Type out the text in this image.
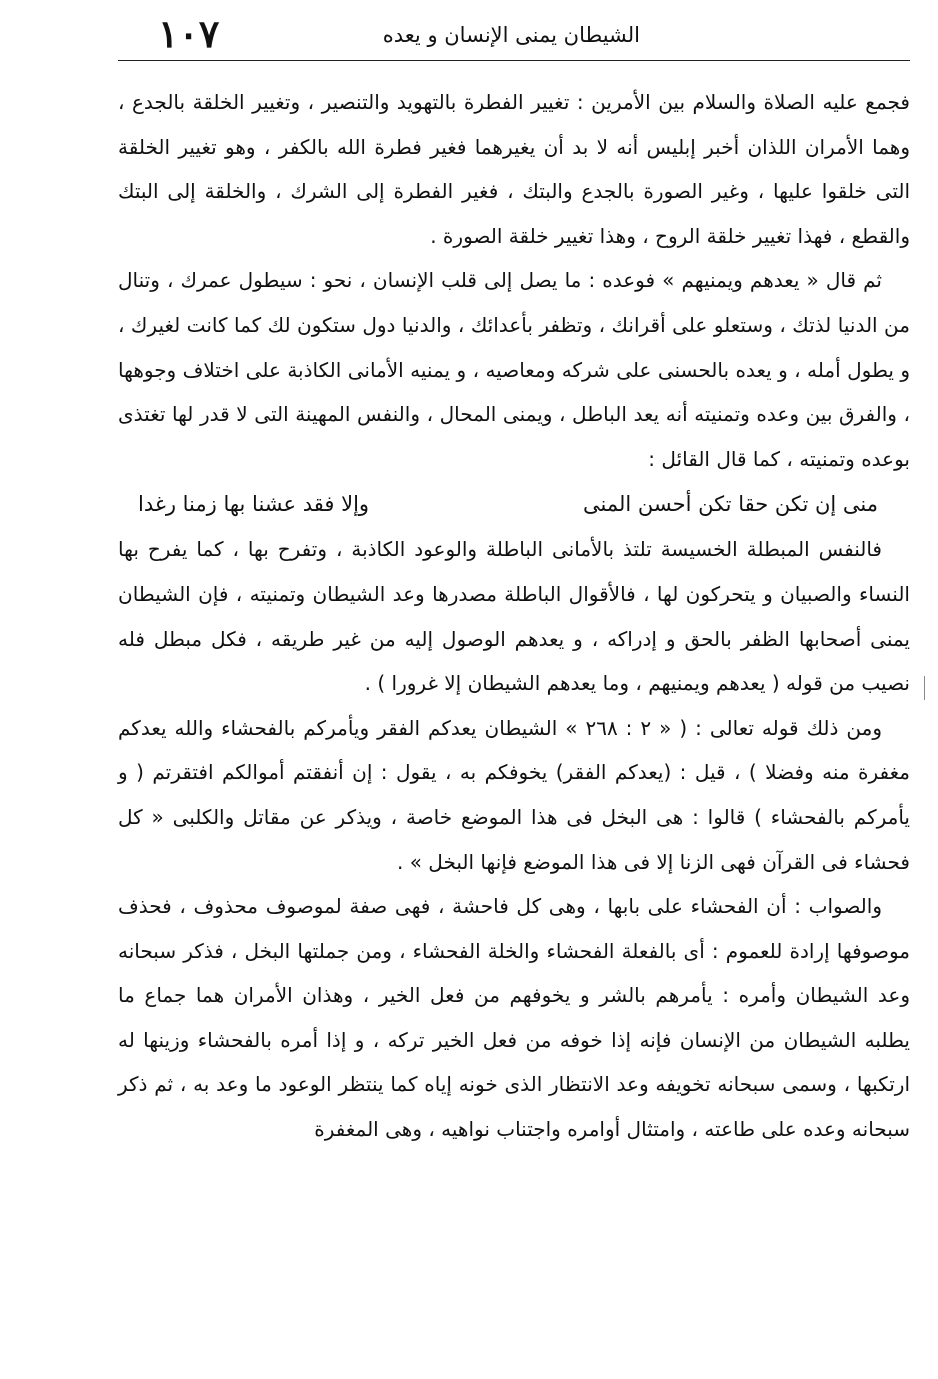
الشيطان يمنى الإنسان و يعده
١٠٧

فجمع عليه الصلاة والسلام بين الأمرين : تغيير الفطرة بالتهويد والتنصير ، وتغيير الخلقة بالجدع ، وهما الأمران اللذان أخبر إبليس أنه لا بد أن يغيرهما فغير فطرة الله بالكفر ، وهو تغيير الخلقة التى خلقوا عليها ، وغير الصورة بالجدع والبتك ، فغير الفطرة إلى الشرك ، والخلقة إلى البتك والقطع ، فهذا تغيير خلقة الروح ، وهذا تغيير خلقة الصورة .

ثم قال « يعدهم ويمنيهم » فوعده : ما يصل إلى قلب الإنسان ، نحو : سيطول عمرك ، وتنال من الدنيا لذتك ، وستعلو على أقرانك ، وتظفر بأعدائك ، والدنيا دول ستكون لك كما كانت لغيرك ، و يطول أمله ، و يعده بالحسنى على شركه ومعاصيه ، و يمنيه الأمانى الكاذبة على اختلاف وجوهها ، والفرق بين وعده وتمنيته أنه يعد الباطل ، ويمنى المحال ، والنفس المهينة التى لا قدر لها تغتذى بوعده وتمنيته ، كما قال القائل :

منى إن تكن حقا تكن أحسن المنى
وإلا فقد عشنا بها زمنا رغدا

فالنفس المبطلة الخسيسة تلتذ بالأمانى الباطلة والوعود الكاذبة ، وتفرح بها ، كما يفرح بها النساء والصبيان و يتحركون لها ، فالأقوال الباطلة مصدرها وعد الشيطان وتمنيته ، فإن الشيطان يمنى أصحابها الظفر بالحق و إدراكه ، و يعدهم الوصول إليه من غير طريقه ، فكل مبطل فله نصيب من قوله ( يعدهم ويمنيهم ، وما يعدهم الشيطان إلا غرورا ) .

ومن ذلك قوله تعالى : ( « ٢ : ٢٦٨ » الشيطان يعدكم الفقر ويأمركم بالفحشاء والله يعدكم مغفرة منه وفضلا ) ، قيل : (يعدكم الفقر) يخوفكم به ، يقول : إن أنفقتم أموالكم افتقرتم ( و يأمركم بالفحشاء ) قالوا : هى البخل فى هذا الموضع خاصة ، ويذكر عن مقاتل والكلبى « كل فحشاء فى القرآن فهى الزنا إلا فى هذا الموضع فإنها البخل » .

والصواب : أن الفحشاء على بابها ، وهى كل فاحشة ، فهى صفة لموصوف محذوف ، فحذف موصوفها إرادة للعموم : أى بالفعلة الفحشاء والخلة الفحشاء ، ومن جملتها البخل ، فذكر سبحانه وعد الشيطان وأمره : يأمرهم بالشر و يخوفهم من فعل الخير ، وهذان الأمران هما جماع ما يطلبه الشيطان من الإنسان فإنه إذا خوفه من فعل الخير تركه ، و إذا أمره بالفحشاء وزينها له ارتكبها ، وسمى سبحانه تخويفه وعد الانتظار الذى خونه إياه كما ينتظر الوعود ما وعد به ، ثم ذكر سبحانه وعده على طاعته ، وامتثال أوامره واجتناب نواهيه ، وهى المغفرة
